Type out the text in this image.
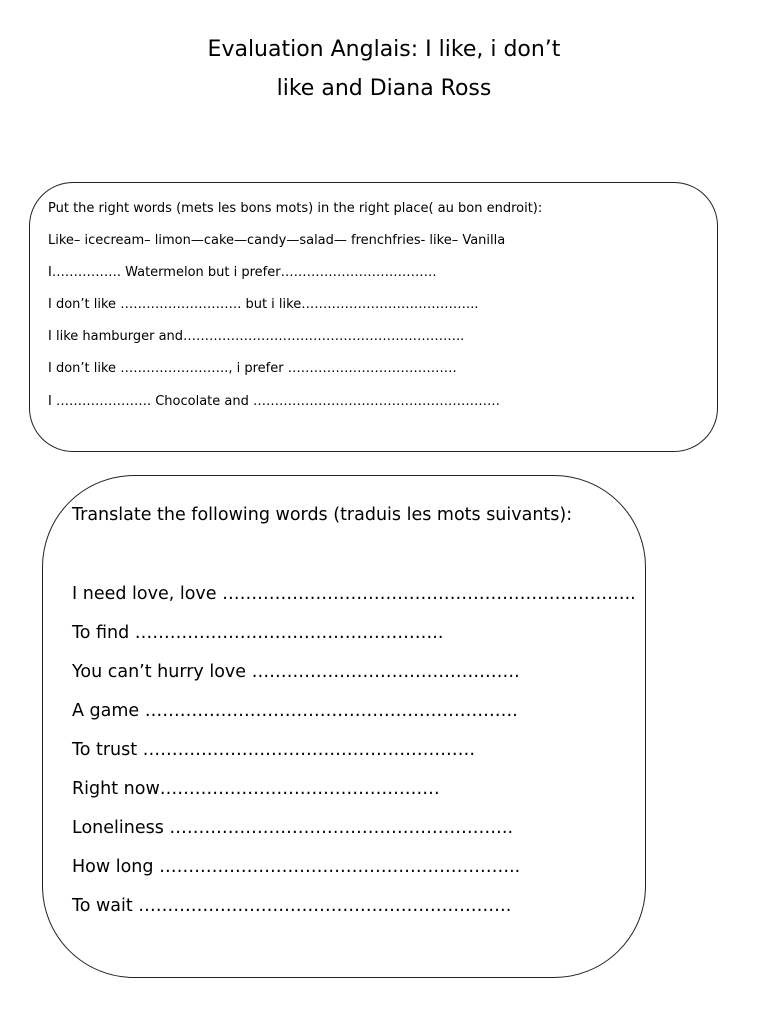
Evaluation Anglais: I like, i don’t
like and Diana Ross

Put the right words (mets les bons mots) in the right place( au bon endroit):

Like– icecream– limon—cake—candy—salad— frenchfries- like– Vanilla

I……………. Watermelon but i prefer………………………………

I don’t like ………………………. but i like…………………………………..

I like hamburger and………………………………………………………..

I don’t like ……………………., i prefer …………………………………

I …………………. Chocolate and …………………………………………………

Translate the following words (traduis les mots suivants):

I need love, love ……………………………………………………………..

To find ……………………………………………..

You can’t hurry love ……………………………………….

A game ……………………………………………………….

To trust …………………………………………………

Right now…………………………………………

Loneliness …………………………………………………..

How long ……………………………………………………..

To wait ……………………………………………………….
